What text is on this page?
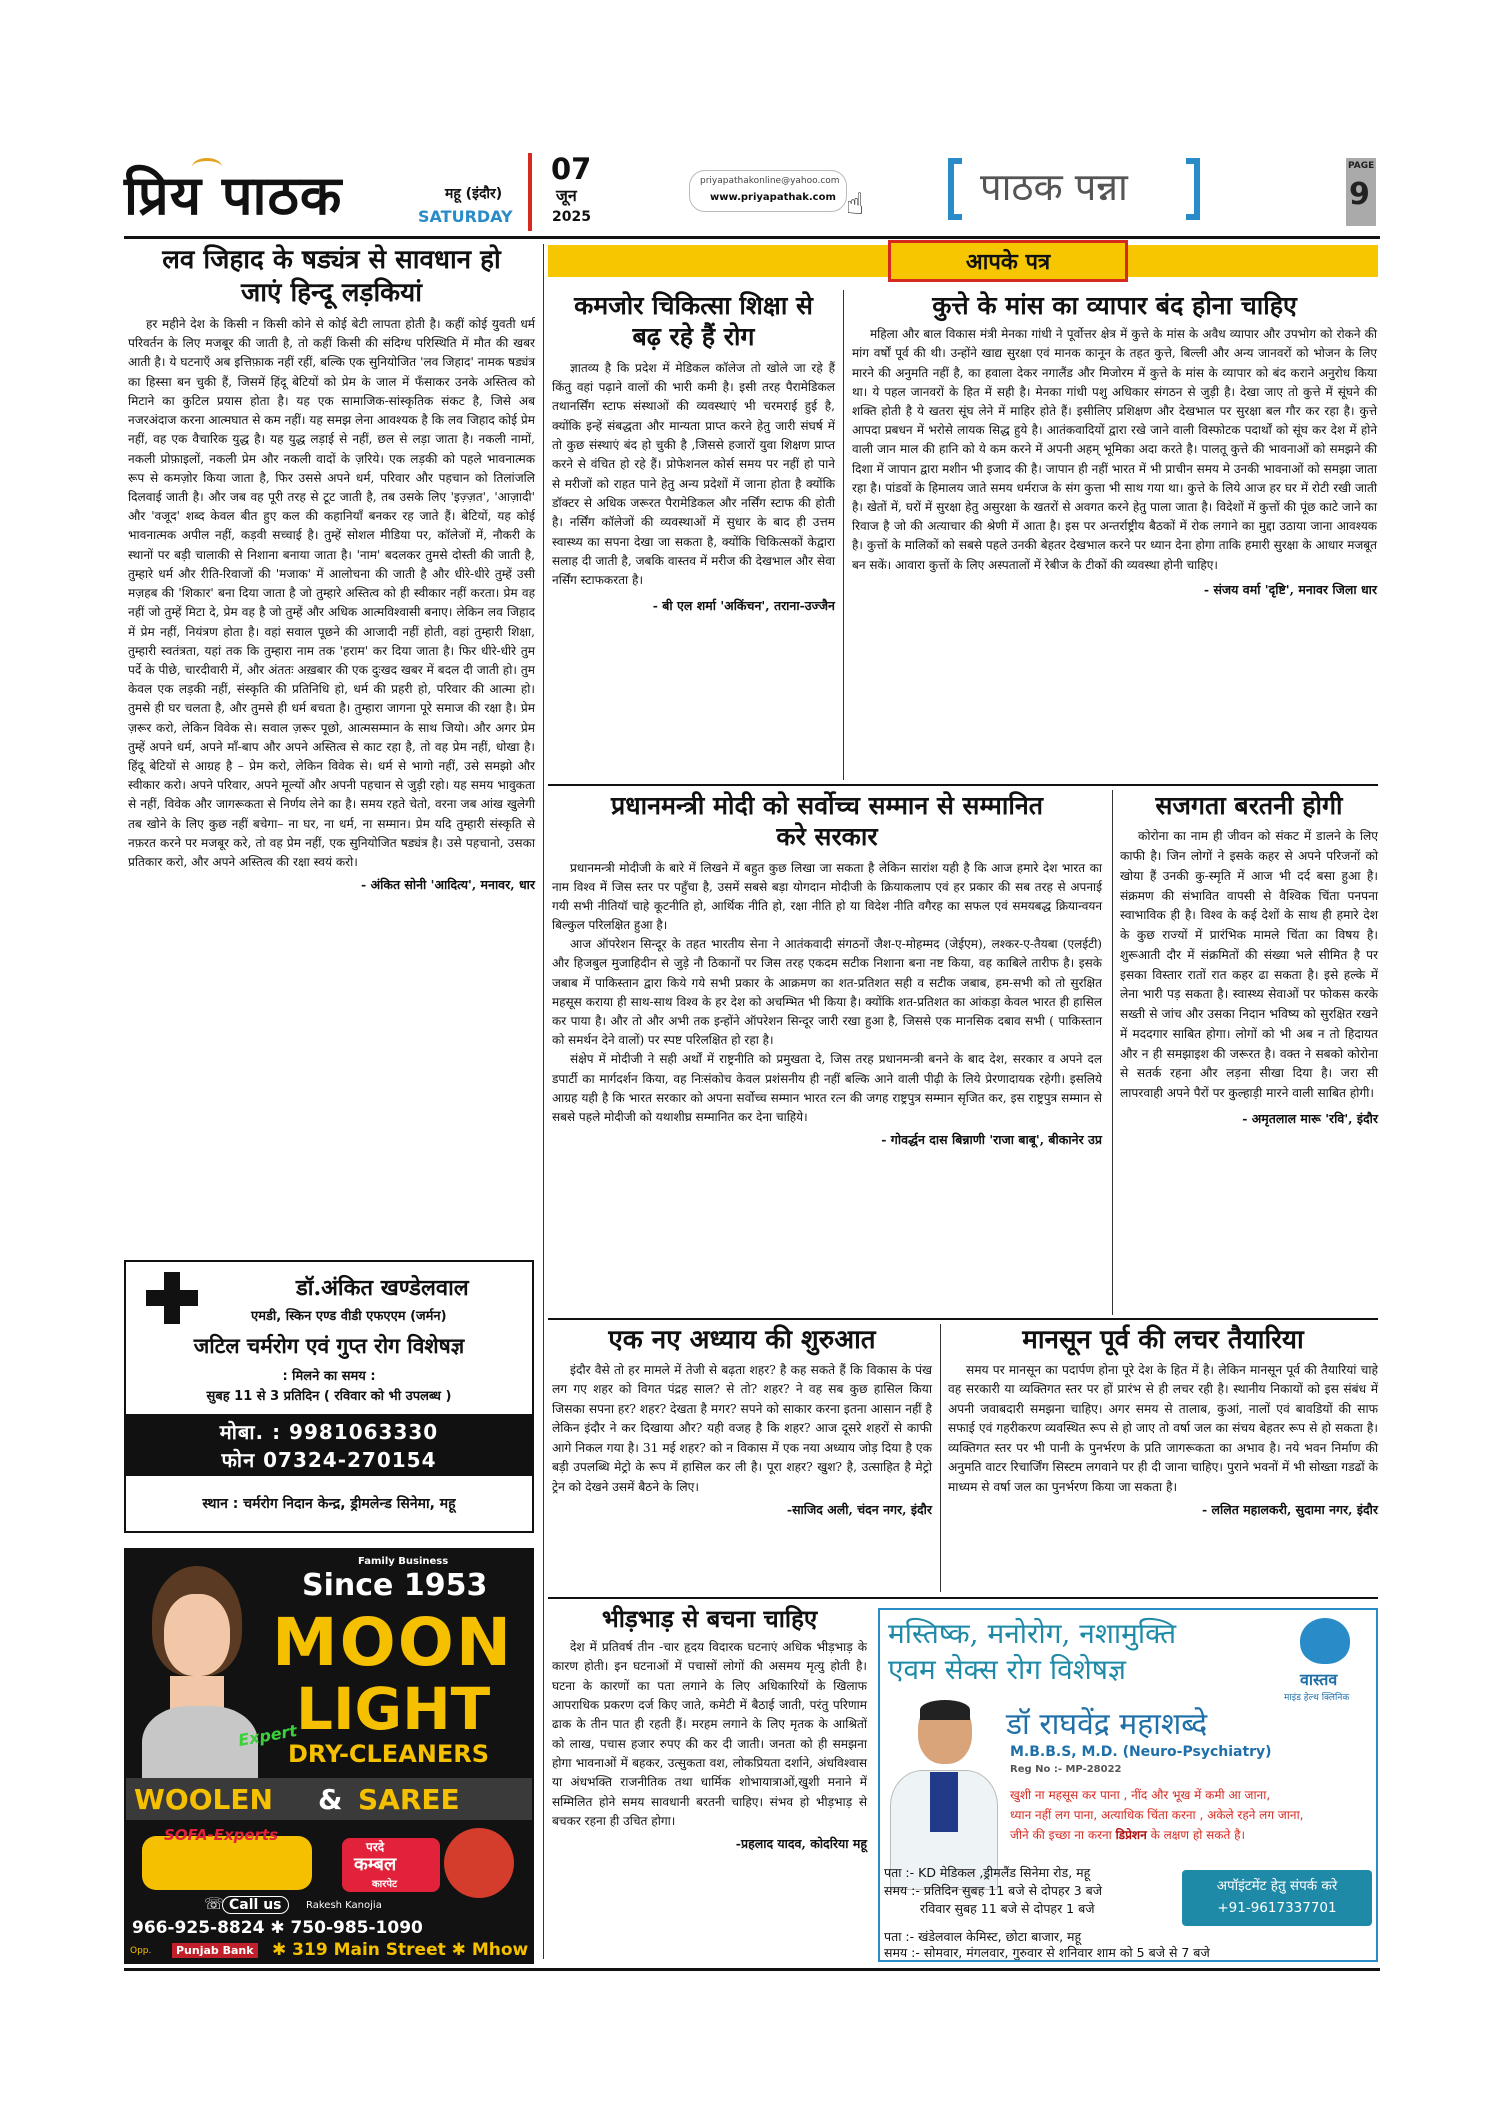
प्रिय पाठक	महू (इंदौर)
SATURDAY
07
जून
2025
priyapathakonline@yahoo.com
www.priyapathak.com ☝	पाठक पन्ना	PAGE
9
लव जिहाद के षड्यंत्र से सावधान हो जाएं हिन्दू लड़कियां
हर महीने देश के किसी न किसी कोने से कोई बेटी लापता होती है। कहीं कोई युवती धर्म परिवर्तन के लिए मजबूर की जाती है, तो कहीं किसी की संदिग्ध परिस्थिति में मौत की खबर आती है। ये घटनाएँ अब इत्तिफ़ाक नहीं रहीं, बल्कि एक सुनियोजित 'लव जिहाद' नामक षड्यंत्र का हिस्सा बन चुकी हैं, जिसमें हिंदू बेटियों को प्रेम के जाल में फँसाकर उनके अस्तित्व को मिटाने का कुटिल प्रयास होता है। यह एक सामाजिक-सांस्कृतिक संकट है, जिसे अब नजरअंदाज करना आत्मघात से कम नहीं। यह समझ लेना आवश्यक है कि लव जिहाद कोई प्रेम नहीं, वह एक वैचारिक युद्ध है। यह युद्ध लड़ाई से नहीं, छल से लड़ा जाता है। नकली नामों, नकली प्रोफ़ाइलों, नकली प्रेम और नकली वादों के ज़रिये। एक लड़की को पहले भावनात्मक रूप से कमज़ोर किया जाता है, फिर उससे अपने धर्म, परिवार और पहचान को तिलांजलि दिलवाई जाती है। और जब वह पूरी तरह से टूट जाती है, तब उसके लिए 'इज़्ज़त', 'आज़ादी' और 'वजूद' शब्द केवल बीत हुए कल की कहानियाँ बनकर रह जाते हैं। बेटियों, यह कोई भावनात्मक अपील नहीं, कड़वी सच्चाई है। तुम्हें सोशल मीडिया पर, कॉलेजों में, नौकरी के स्थानों पर बड़ी चालाकी से निशाना बनाया जाता है। 'नाम' बदलकर तुमसे दोस्ती की जाती है, तुम्हारे धर्म और रीति-रिवाजों की 'मजाक' में आलोचना की जाती है और धीरे-धीरे तुम्हें उसी मज़हब की 'शिकार' बना दिया जाता है जो तुम्हारे अस्तित्व को ही स्वीकार नहीं करता। प्रेम वह नहीं जो तुम्हें मिटा दे, प्रेम वह है जो तुम्हें और अधिक आत्मविश्वासी बनाए। लेकिन लव जिहाद में प्रेम नहीं, नियंत्रण होता है। वहां सवाल पूछने की आजादी नहीं होती, वहां तुम्हारी शिक्षा, तुम्हारी स्वतंत्रता, यहां तक कि तुम्हारा नाम तक 'हराम' कर दिया जाता है। फिर धीरे-धीरे तुम पर्दे के पीछे, चारदीवारी में, और अंततः अख़बार की एक दुःखद खबर में बदल दी जाती हो। तुम केवल एक लड़की नहीं, संस्कृति की प्रतिनिधि हो, धर्म की प्रहरी हो, परिवार की आत्मा हो। तुमसे ही घर चलता है, और तुमसे ही धर्म बचता है। तुम्हारा जागना पूरे समाज की रक्षा है। प्रेम ज़रूर करो, लेकिन विवेक से। सवाल ज़रूर पूछो, आत्मसम्मान के साथ जियो। और अगर प्रेम तुम्हें अपने धर्म, अपने माँ-बाप और अपने अस्तित्व से काट रहा है, तो वह प्रेम नहीं, धोखा है। हिंदू बेटियों से आग्रह है – प्रेम करो, लेकिन विवेक से। धर्म से भागो नहीं, उसे समझो और स्वीकार करो। अपने परिवार, अपने मूल्यों और अपनी पहचान से जुड़ी रहो। यह समय भावुकता से नहीं, विवेक और जागरूकता से निर्णय लेने का है। समय रहते चेतो, वरना जब आंख खुलेगी तब खोने के लिए कुछ नहीं बचेगा– ना घर, ना धर्म, ना सम्मान। प्रेम यदि तुम्हारी संस्कृति से नफ़रत करने पर मजबूर करे, तो वह प्रेम नहीं, एक सुनियोजित षड्यंत्र है। उसे पहचानो, उसका प्रतिकार करो, और अपने अस्तित्व की रक्षा स्वयं करो।
- अंकित सोनी 'आदित्य', मनावर, धार
डॉ.अंकित खण्डेलवाल
एमडी, स्किन एण्ड वीडी एफएएम (जर्मन)
जटिल चर्मरोग एवं गुप्त रोग विशेषज्ञ
: मिलने का समय :
सुबह 11 से 3 प्रतिदिन ( रविवार को भी उपलब्ध )
मोबा. : 9981063330
फोन 07324-270154
स्थान : चर्मरोग निदान केन्द्र, ड्रीमलेन्ड सिनेमा, महू
Family Business
Since 1953
MOON
LIGHT
Expert
DRY-CLEANERS
WOOLEN & SAREE
SOFA-Experts
परदे
कम्बल
कारपेट
☏ Call us	Rakesh Kanojia
966-925-8824 ✱ 750-985-1090
Opp.	Punjab Bank ✱ 319 Main Street ✱ Mhow
आपके पत्र
कमजोर चिकित्सा शिक्षा से बढ़ रहे हैं रोग
ज्ञातव्य है कि प्रदेश में मेडिकल कॉलेज तो खोले जा रहे हैं किंतु वहां पढ़ाने वालों की भारी कमी है। इसी तरह पैरामेडिकल तथानर्सिंग स्टाफ संस्थाओं की व्यवस्थाएं भी चरमराई हुई है, क्योंकि इन्हें संबद्धता और मान्यता प्राप्त करने हेतु जारी संघर्ष में तो कुछ संस्थाएं बंद हो चुकी है ,जिससे हजारों युवा शिक्षण प्राप्त करने से वंचित हो रहे हैं। प्रोफेशनल कोर्स समय पर नहीं हो पाने से मरीजों को राहत पाने हेतु अन्य प्रदेशों में जाना होता है क्योंकि डॉक्टर से अधिक जरूरत पैरामेडिकल और नर्सिंग स्टाफ की होती है। नर्सिंग कॉलेजों की व्यवस्थाओं में सुधार के बाद ही उत्तम स्वास्थ्य का सपना देखा जा सकता है, क्योंकि चिकित्सकों केद्वारा सलाह दी जाती है, जबकि वास्तव में मरीज की देखभाल और सेवा नर्सिंग स्टाफकरता है।
- बी एल शर्मा 'अकिंचन', तराना-उज्जैन
कुत्ते के मांस का व्यापार बंद होना चाहिए
महिला और बाल विकास मंत्री मेनका गांधी ने पूर्वोत्तर क्षेत्र में कुत्ते के मांस के अवैध व्यापार और उपभोग को रोकने की मांग वर्षों पूर्व की थी। उन्होंने खाद्य सुरक्षा एवं मानक कानून के तहत कुत्ते, बिल्ली और अन्य जानवरों को भोजन के लिए मारने की अनुमति नहीं है, का हवाला देकर नगालैंड और मिजोरम में कुत्ते के मांस के व्यापार को बंद कराने अनुरोध किया था। ये पहल जानवरों के हित में सही है। मेनका गांधी पशु अधिकार संगठन से जुड़ी है। देखा जाए तो कुत्ते में सूंघने की शक्ति होती है ये खतरा सूंघ लेने में माहिर होते हैं। इसीलिए प्रशिक्षण और देखभाल पर सुरक्षा बल गौर कर रहा है। कुत्ते आपदा प्रबधन में भरोसे लायक सिद्ध हुये है। आतंकवादियों द्वारा रखे जाने वाली विस्फोटक पदार्थों को सूंघ कर देश में होने वाली जान माल की हानि को ये कम करने में अपनी अहम् भूमिका अदा करते है। पालतू कुत्ते की भावनाओं को समझने की दिशा में जापान द्वारा मशीन भी इजाद की है। जापान ही नहीं भारत में भी प्राचीन समय मे उनकी भावनाओं को समझा जाता रहा है। पांडवों के हिमालय जाते समय धर्मराज के संग कुत्ता भी साथ गया था। कुत्ते के लिये आज हर घर में रोटी रखी जाती है। खेतों में, घरों में सुरक्षा हेतु असुरक्षा के खतरों से अवगत करने हेतु पाला जाता है। विदेशों में कुत्तों की पूंछ काटे जाने का रिवाज है जो की अत्याचार की श्रेणी में आता है। इस पर अन्तर्राष्ट्रीय बैठकों में रोक लगाने का मुद्दा उठाया जाना आवश्यक है। कुत्तों के मालिकों को सबसे पहले उनकी बेहतर देखभाल करने पर ध्यान देना होगा ताकि हमारी सुरक्षा के आधार मजबूत बन सकें। आवारा कुत्तों के लिए अस्पतालों में रेबीज के टीकों की व्यवस्था होनी चाहिए।
- संजय वर्मा 'दृष्टि', मनावर जिला धार
प्रधानमन्त्री मोदी को सर्वोच्च सम्मान से सम्मानित करे सरकार
प्रधानमन्त्री मोदीजी के बारे में लिखने में बहुत कुछ लिखा जा सकता है लेकिन सारांश यही है कि आज हमारे देश भारत का नाम विश्व में जिस स्तर पर पहुँचा है, उसमें सबसे बड़ा योगदान मोदीजी के क्रियाकलाप एवं हर प्रकार की सब तरह से अपनाई गयी सभी नीतियॉ चाहे कूटनीति हो, आर्थिक नीति हो, रक्षा नीति हो या विदेश नीति वगैरह का सफल एवं समयबद्ध क्रियान्वयन बिल्कुल परिलक्षित हुआ है।
आज ऑपरेशन सिन्दूर के तहत भारतीय सेना ने आतंकवादी संगठनों जैश-ए-मोहम्मद (जेईएम), लश्कर-ए-तैयबा (एलईटी) और हिजबुल मुजाहिदीन से जुड़े नौ ठिकानों पर जिस तरह एकदम सटीक निशाना बना नष्ट किया, वह काबिले तारीफ है। इसके जबाब में पाकिस्तान द्वारा किये गये सभी प्रकार के आक्रमण का शत-प्रतिशत सही व सटीक जबाब, हम-सभी को तो सुरक्षित महसूस कराया ही साथ-साथ विश्व के हर देश को अचम्भित भी किया है। क्योंकि शत-प्रतिशत का आंकड़ा केवल भारत ही हासिल कर पाया है। और तो और अभी तक इन्होंने ऑपरेशन सिन्दूर जारी रखा हुआ है, जिससे एक मानसिक दबाव सभी ( पाकिस्तान को समर्थन देने वालों) पर स्पष्ट परिलक्षित हो रहा है।
संक्षेप में मोदीजी ने सही अर्थों में राष्ट्रनीति को प्रमुखता दे, जिस तरह प्रधानमन्त्री बनने के बाद देश, सरकार व अपने दल डपार्टी का मार्गदर्शन किया, वह निःसंकोच केवल प्रशंसनीय ही नहीं बल्कि आने वाली पीढ़ी के लिये प्रेरणादायक रहेगी। इसलिये आग्रह यही है कि भारत सरकार को अपना सर्वोच्च सम्मान भारत रत्न की जगह राष्ट्रपुत्र सम्मान सृजित कर, इस राष्ट्रपुत्र सम्मान से सबसे पहले मोदीजी को यथाशीघ्र सम्मानित कर देना चाहिये।
- गोवर्द्धन दास बिन्नाणी 'राजा बाबू', बीकानेर उप्र
सजगता बरतनी होगी
कोरोना का नाम ही जीवन को संकट में डालने के लिए काफी है। जिन लोगों ने इसके कहर से अपने परिजनों को खोया हैं उनकी कु-स्मृति में आज भी दर्द बसा हुआ है। संक्रमण की संभावित वापसी से वैश्विक चिंता पनपना स्वाभाविक ही है। विश्व के कई देशों के साथ ही हमारे देश के कुछ राज्यों में प्रारंभिक मामले चिंता का विषय है। शुरूआती दौर में संक्रमितों की संख्या भले सीमित है पर इसका विस्तार रातों रात कहर ढा सकता है। इसे हल्के में लेना भारी पड़ सकता है। स्वास्थ्य सेवाओं पर फोकस करके सख्ती से जांच और उसका निदान भविष्य को सुरक्षित रखने में मददगार साबित होगा। लोगों को भी अब न तो हिदायत और न ही समझाइश की जरूरत है। वक्त ने सबको कोरोना से सतर्क रहना और लड़ना सीखा दिया है। जरा सी लापरवाही अपने पैरों पर कुल्हाड़ी मारने वाली साबित होगी।
- अमृतलाल मारू 'रवि', इंदौर
एक नए अध्याय की शुरुआत
इंदौर वैसे तो हर मामले में तेजी से बढ़ता शहर? है कह सकते हैं कि विकास के पंख लग गए शहर को विगत पंद्रह साल? से तो? शहर? ने वह सब कुछ हासिल किया जिसका सपना हर? शहर? देखता है मगर? सपने को साकार करना इतना आसान नहीं है लेकिन इंदौर ने कर दिखाया और? यही वजह है कि शहर? आज दूसरे शहरों से काफी आगे निकल गया है। 31 मई शहर? को न विकास में एक नया अध्याय जोड़ दिया है एक बड़ी उपलब्धि मेट्रो के रूप में हासिल कर ली है। पूरा शहर? खुश? है, उत्साहित है मेट्रो ट्रेन को देखने उसमें बैठने के लिए।
-साजिद अली, चंदन नगर, इंदौर
मानसून पूर्व की लचर तैयारिया
समय पर मानसून का पदार्पण होना पूरे देश के हित में है। लेकिन मानसून पूर्व की तैयारियां चाहे वह सरकारी या व्यक्तिगत स्तर पर हों प्रारंभ से ही लचर रही है। स्थानीय निकायों को इस संबंध में अपनी जवाबदारी समझना चाहिए। अगर समय से तालाब, कुआं, नालों एवं बावडियों की साफ सफाई एवं गहरीकरण व्यवस्थित रूप से हो जाए तो वर्षा जल का संचय बेहतर रूप से हो सकता है। व्यक्तिगत स्तर पर भी पानी के पुनर्भरण के प्रति जागरूकता का अभाव है। नये भवन निर्माण की अनुमति वाटर रिचार्जिंग सिस्टम लगवाने पर ही दी जाना चाहिए। पुराने भवनों में भी सोख्ता गडढों के माध्यम से वर्षा जल का पुनर्भरण किया जा सकता है।
- ललित महालकरी, सुदामा नगर, इंदौर
भीड़भाड़ से बचना चाहिए
देश में प्रतिवर्ष तीन -चार हृदय विदारक घटनाएं अधिक भीड़भाड़ के कारण होती। इन घटनाओं में पचासों लोगों की असमय मृत्यु होती है। घटना के कारणों का पता लगाने के लिए अधिकारियों के खिलाफ आपराधिक प्रकरण दर्ज किए जाते, कमेटी में बैठाई जाती, परंतु परिणाम ढाक के तीन पात ही रहती हैं। मरहम लगाने के लिए मृतक के आश्रितों को लाख, पचास हजार रुपए की कर दी जाती। जनता को ही समझना होगा भावनाओं में बहकर, उत्सुकता वश, लोकप्रियता दर्शाने, अंधविश्वास या अंधभक्ति राजनीतिक तथा धार्मिक शोभायात्राओं,खुशी मनाने में सम्मिलित होने समय सावधानी बरतनी चाहिए। संभव हो भीड़भाड़ से बचकर रहना ही उचित होगा।
-प्रहलाद यादव, कोदरिया महू
मस्तिष्क, मनोरोग, नशामुक्ति
एवम सेक्स रोग विशेषज्ञ	वास्तव
माइंड हेल्थ क्लिनिक
डॉ राघवेंद्र महाशब्दे
M.B.B.S, M.D. (Neuro-Psychiatry)
Reg No :- MP-28022
खुशी ना महसूस कर पाना , नींद और भूख में कमी आ जाना,
ध्यान नहीं लग पाना, अत्याधिक चिंता करना , अकेले रहने लग जाना,
जीने की इच्छा ना करना डिप्रेशन के लक्षण हो सकते है।
पता :- KD मेडिकल ,ड्रीमलैंड सिनेमा रोड, महू
समय :- प्रतिदिन सुबह 11 बजे से दोपहर 3 बजे
रविवार सुबह 11 बजे से दोपहर 1 बजे
अपॉइंटमेंट हेतु संपर्क करे
+91-9617337701
पता :- खंडेलवाल केमिस्ट, छोटा बाजार, महू
समय :- सोमवार, मंगलवार, गुरुवार से शनिवार शाम को 5 बजे से 7 बजे
